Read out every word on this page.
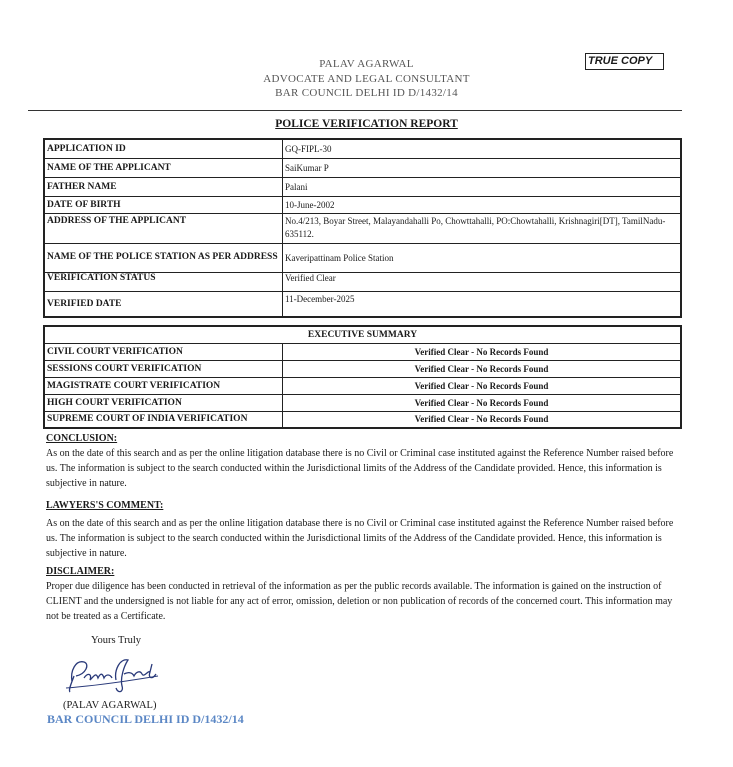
PALAV AGARWAL
ADVOCATE AND LEGAL CONSULTANT
BAR COUNCIL DELHI ID D/1432/14
TRUE COPY
POLICE VERIFICATION REPORT
APPLICATION ID	GQ-FIPL-30
NAME OF THE APPLICANT	SaiKumar P
FATHER NAME	Palani
DATE OF BIRTH	10-June-2002
ADDRESS OF THE APPLICANT	No.4/213, Boyar Street, Malayandahalli Po, Chowttahalli, PO:Chowtahalli, Krishnagiri[DT], TamilNadu-635112.
NAME OF THE POLICE STATION AS PER ADDRESS	Kaveripattinam Police Station
VERIFICATION STATUS	Verified Clear
VERIFIED DATE	11-December-2025
EXECUTIVE SUMMARY	
CIVIL COURT VERIFICATION	Verified Clear - No Records Found
SESSIONS COURT VERIFICATION	Verified Clear - No Records Found
MAGISTRATE COURT VERIFICATION	Verified Clear - No Records Found
HIGH COURT VERIFICATION	Verified Clear - No Records Found
SUPREME COURT OF INDIA VERIFICATION	Verified Clear - No Records Found
CONCLUSION:
As on the date of this search and as per the online litigation database there is no Civil or Criminal case instituted against the Reference Number raised before us. The information is subject to the search conducted within the Jurisdictional limits of the Address of the Candidate provided. Hence, this information is subjective in nature.
LAWYERS'S COMMENT:
As on the date of this search and as per the online litigation database there is no Civil or Criminal case instituted against the Reference Number raised before us. The information is subject to the search conducted within the Jurisdictional limits of the Address of the Candidate provided. Hence, this information is subjective in nature.
DISCLAIMER:
Proper due diligence has been conducted in retrieval of the information as per the public records available. The information is gained on the instruction of CLIENT and the undersigned is not liable for any act of error, omission, deletion or non publication of records of the concerned court. This information may not be treated as a Certificate.
Yours Truly
(PALAV AGARWAL)
BAR COUNCIL DELHI ID D/1432/14
